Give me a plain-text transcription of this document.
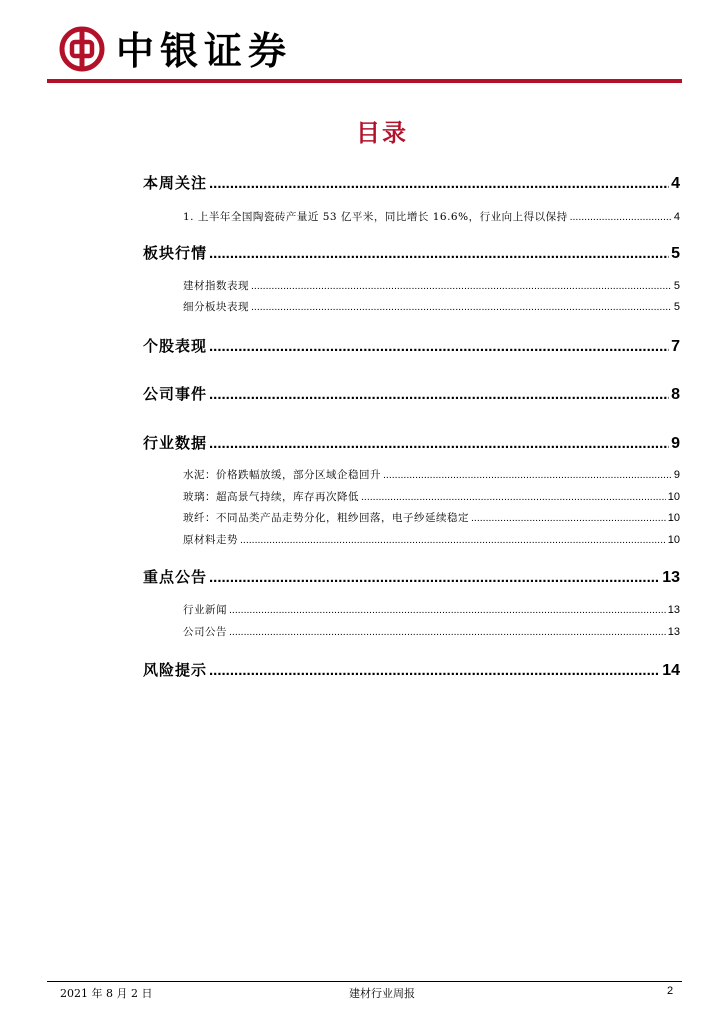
中银证券
目录
本周关注 .....	4
1. 上半年全国陶瓷砖产量近 53 亿平米，同比增长 16.6%，行业向上得以保持 .....	4
板块行情 .....	5
建材指数表现 .....	5
细分板块表现 .....	5
个股表现 .....	7
公司事件 .....	8
行业数据 .....	9
水泥：价格跌幅放缓，部分区域企稳回升 .....	9
玻璃：超高景气持续，库存再次降低 .....	10
玻纤：不同品类产品走势分化，粗纱回落，电子纱延续稳定 .....	10
原材料走势 .....	10
重点公告 .....	13
行业新闻 .....	13
公司公告 .....	13
风险提示 .....	14
2021 年 8 月 2 日	建材行业周报	2
